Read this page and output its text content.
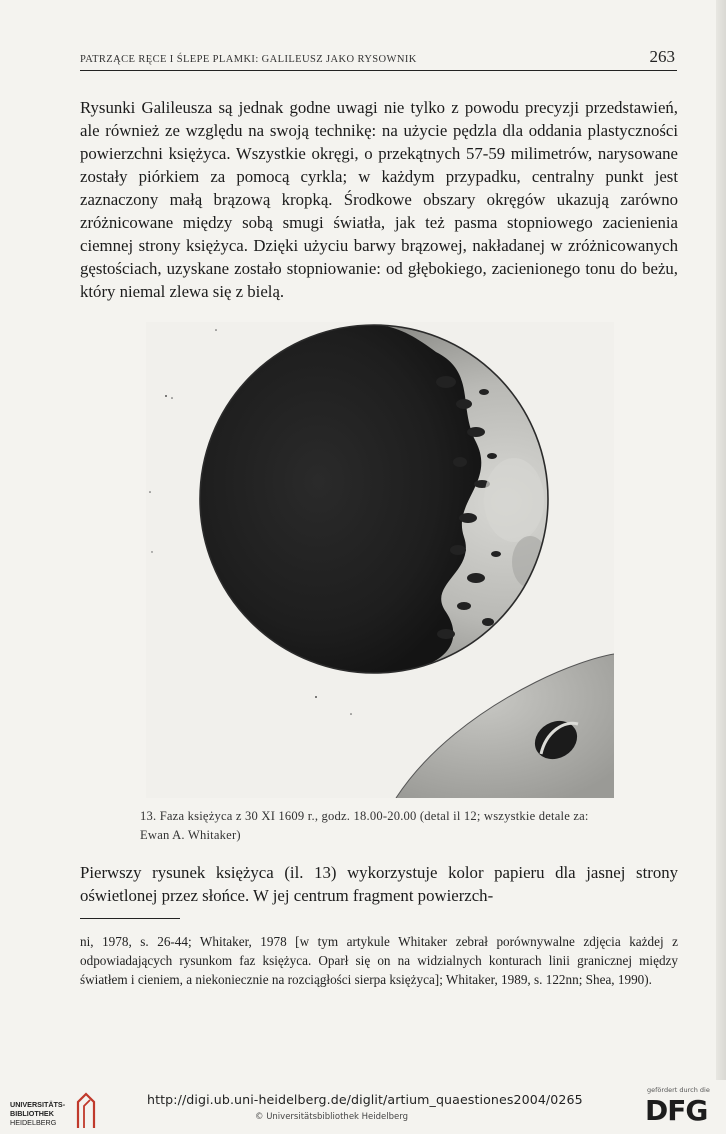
PATRZĄCE RĘCE I ŚLEPE PLAMKI: GALILEUSZ JAKO RYSOWNIK	263

Rysunki Galileusza są jednak godne uwagi nie tylko z powodu precyzji przedstawień, ale również ze względu na swoją technikę: na użycie pędzla dla oddania plastyczności powierzchni księżyca. Wszystkie okręgi, o przekątnych 57-59 milimetrów, narysowane zostały piórkiem za pomocą cyrkla; w każdym przypadku, centralny punkt jest zaznaczony małą brązową kropką. Środkowe obszary okręgów ukazują zarówno zróżnicowane między sobą smugi światła, jak też pasma stopniowego zacienienia ciemnej strony księżyca. Dzięki użyciu barwy brązowej, nakładanej w zróżnicowanych gęstościach, uzyskane zostało stopniowanie: od głębokiego, zacienionego tonu do beżu, który niemal zlewa się z bielą.

13. Faza księżyca z 30 XI 1609 r., godz. 18.00-20.00 (detal il 12; wszystkie detale za: Ewan A. Whitaker)

Pierwszy rysunek księżyca (il. 13) wykorzystuje kolor papieru dla jasnej strony oświetlonej przez słońce. W jej centrum fragment powierzch-

ni, 1978, s. 26-44; Whitaker, 1978 [w tym artykule Whitaker zebrał porównywalne zdjęcia każdej z odpowiadających rysunkom faz księżyca. Oparł się on na widzialnych konturach linii granicznej między światłem i cieniem, a niekoniecznie na rozciągłości sierpa księżyca]; Whitaker, 1989, s. 122nn; Shea, 1990).

UNIVERSITÄTS-
BIBLIOTHEK
HEIDELBERG
http://digi.ub.uni-heidelberg.de/diglit/artium_quaestiones2004/0265
© Universitätsbibliothek Heidelberg
gefördert durch die
DFG
